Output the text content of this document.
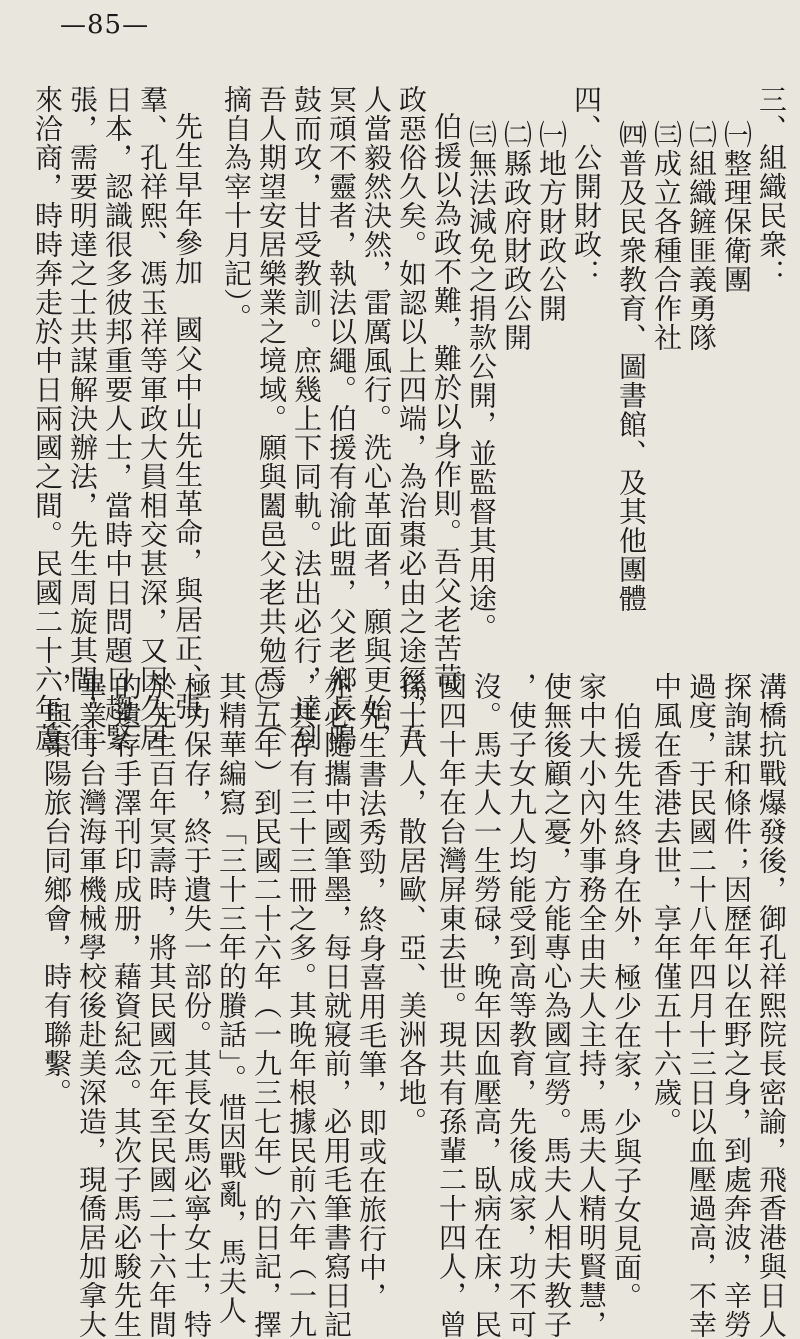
—85—
三、組織民衆：
㈠整理保衛團
㈡組織鏟匪義勇隊
㈢成立各種合作社
㈣普及民衆教育、圖書館、及其他團體
四、公開財政：
㈠地方財政公開
㈡縣政府財政公開
㈢無法減免之捐款公開，並監督其用途。
伯援以為政不難，難於以身作則。吾父老苦苛
政惡俗久矣。如認以上四端，為治棗必由之途徑，吾
人當毅然決然，雷厲風行。洗心革面者，願與更始，
冥頑不靈者，執法以繩。伯援有渝此盟，父老鄉長鳴
鼓而攻，甘受教訓。庶幾上下同軌。法出必行，達到
吾人期望安居樂業之境域。願與闔邑父老共勉焉」（
摘自為宰十月記）。
先生早年參加　國父中山先生革命，與居正、張
羣、孔祥熙、馮玉祥等軍政大員相交甚深，又因久居
日本，認識很多彼邦重要人士，當時中日問題日趨緊
張，需要明達之士共謀解決辦法，先生周旋其間，往
來洽商，時時奔走於中日兩國之間。民國二十六年蘆
溝橋抗戰爆發後，御孔祥熙院長密諭，飛香港與日人
探詢謀和條件；因歷年以在野之身，到處奔波，辛勞
過度，于民國二十八年四月十三日以血壓過高，不幸
中風在香港去世，享年僅五十六歲。
伯援先生終身在外，極少在家，少與子女見面。
家中大小內外事務全由夫人主持，馬夫人精明賢慧，
使無後顧之憂，方能專心為國宣勞。馬夫人相夫教子
，使子女九人均能受到高等教育，先後成家，功不可
沒。馬夫人一生勞碌，晚年因血壓高，臥病在床，民
國四十年在台灣屏東去世。現共有孫輩二十四人，曾
孫十八人，散居歐、亞、美洲各地。
先生書法秀勁，終身喜用毛筆，即或在旅行中，
亦必隨攜中國筆墨，每日就寢前，必用毛筆書寫日記
，共存有三十三冊之多。其晚年根據民前六年（一九
〇五年）到民國二十六年（一九三七年）的日記，擇
其精華編寫「三十三年的賸話」。惜因戰亂，馬夫人
極力保存，終于遺失一部份。其長女馬必寧女士，特
於先生百年冥壽時，將其民國元年至民國二十六年間
的遺存手澤刊印成册，藉資紀念。其次子馬必駿先生
畢業于台灣海軍機械學校後赴美深造，現僑居加拿大
，與棗陽旅台同鄉會，時有聯繫。
